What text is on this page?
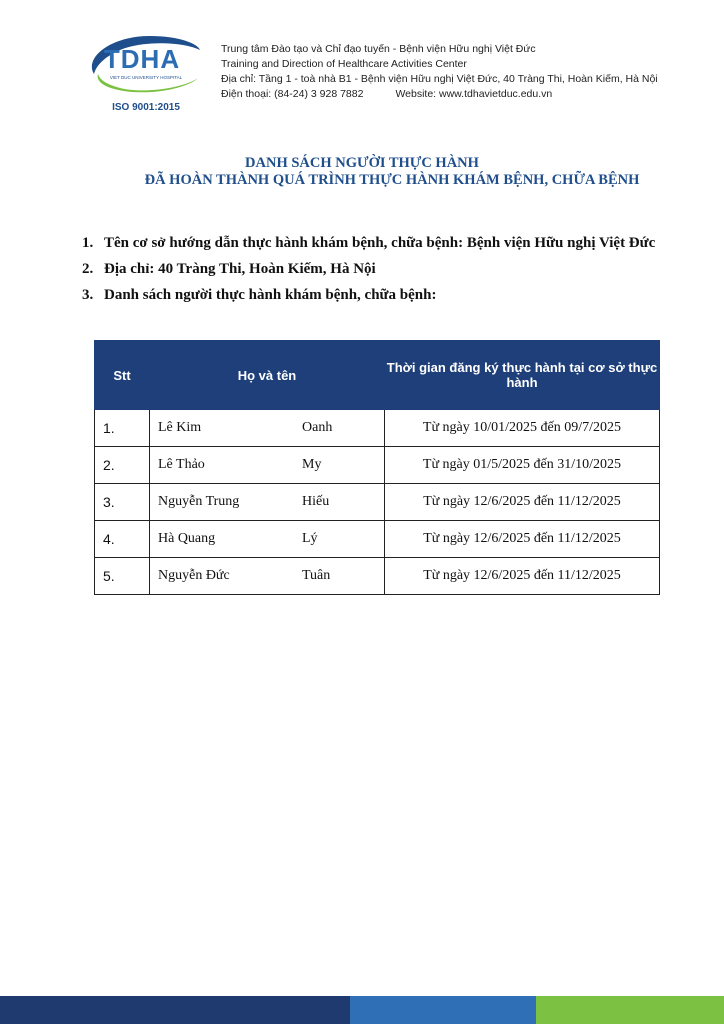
TDHA
VIET DUC UNIVERSITY HOSPITAL
ISO 9001:2015
Trung tâm Đào tạo và Chỉ đạo tuyến - Bệnh viện Hữu nghị Việt Đức
Training and Direction of Healthcare Activities Center
Địa chỉ: Tầng 1 - toà nhà B1 - Bệnh viện Hữu nghị Việt Đức, 40 Tràng Thi, Hoàn Kiếm, Hà Nội
Điện thoại: (84-24) 3 928 7882	Website: www.tdhavietduc.edu.vn
DANH SÁCH NGƯỜI THỰC HÀNH
ĐÃ HOÀN THÀNH QUÁ TRÌNH THỰC HÀNH KHÁM BỆNH, CHỮA BỆNH
1. Tên cơ sở hướng dẫn thực hành khám bệnh, chữa bệnh: Bệnh viện Hữu nghị Việt Đức
2. Địa chỉ: 40 Tràng Thi, Hoàn Kiếm, Hà Nội
3. Danh sách người thực hành khám bệnh, chữa bệnh:
Stt	Họ và tên	Thời gian đăng ký thực hành tại cơ sở thực hành
1.	Lê Kim Oanh	Từ ngày 10/01/2025 đến 09/7/2025
2.	Lê Thảo My	Từ ngày 01/5/2025 đến 31/10/2025
3.	Nguyễn Trung Hiếu	Từ ngày 12/6/2025 đến 11/12/2025
4.	Hà Quang Lý	Từ ngày 12/6/2025 đến 11/12/2025
5.	Nguyễn Đức Tuân	Từ ngày 12/6/2025 đến 11/12/2025
